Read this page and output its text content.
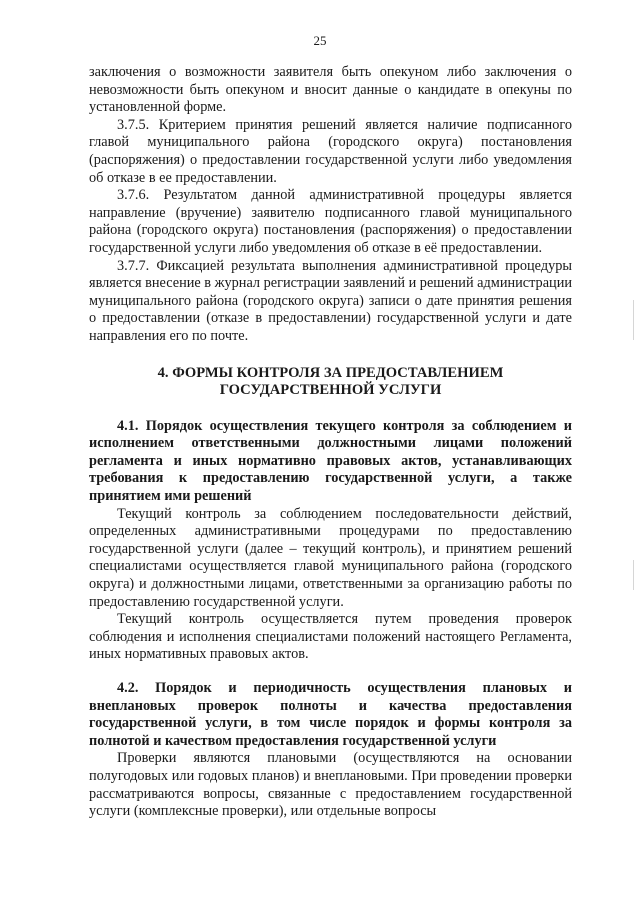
25

заключения о возможности заявителя быть опекуном либо заключения о невозможности быть опекуном и вносит данные о кандидате в опекуны по установленной форме.

3.7.5. Критерием принятия решений является наличие подписанного главой муниципального района (городского округа) постановления (распоряжения) о предоставлении государственной услуги либо уведомления об отказе в ее предоставлении.

3.7.6. Результатом данной административной процедуры является направление (вручение) заявителю подписанного главой муниципального района (городского округа) постановления (распоряжения) о предоставлении государственной услуги либо уведомления об отказе в её предоставлении.

3.7.7. Фиксацией результата выполнения административной процедуры является внесение в журнал регистрации заявлений и решений администрации муниципального района (городского округа) записи о дате принятия решения о предоставлении (отказе в предоставлении) государственной услуги и дате направления его по почте.

4. ФОРМЫ КОНТРОЛЯ ЗА ПРЕДОСТАВЛЕНИЕМ
ГОСУДАРСТВЕННОЙ УСЛУГИ

4.1. Порядок осуществления текущего контроля за соблюдением и исполнением ответственными должностными лицами положений регламента и иных нормативно правовых актов, устанавливающих требования к предоставлению государственной услуги, а также принятием ими решений

Текущий контроль за соблюдением последовательности действий, определенных административными процедурами по предоставлению государственной услуги (далее – текущий контроль), и принятием решений специалистами осуществляется главой муниципального района (городского округа) и должностными лицами, ответственными за организацию работы по предоставлению государственной услуги.

Текущий контроль осуществляется путем проведения проверок соблюдения и исполнения специалистами положений настоящего Регламента, иных нормативных правовых актов.

4.2. Порядок и периодичность осуществления плановых и внеплановых проверок полноты и качества предоставления государственной услуги, в том числе порядок и формы контроля за полнотой и качеством предоставления государственной услуги

Проверки являются плановыми (осуществляются на основании полугодовых или годовых планов) и внеплановыми. При проведении проверки рассматриваются вопросы, связанные с предоставлением государственной услуги (комплексные проверки), или отдельные вопросы
